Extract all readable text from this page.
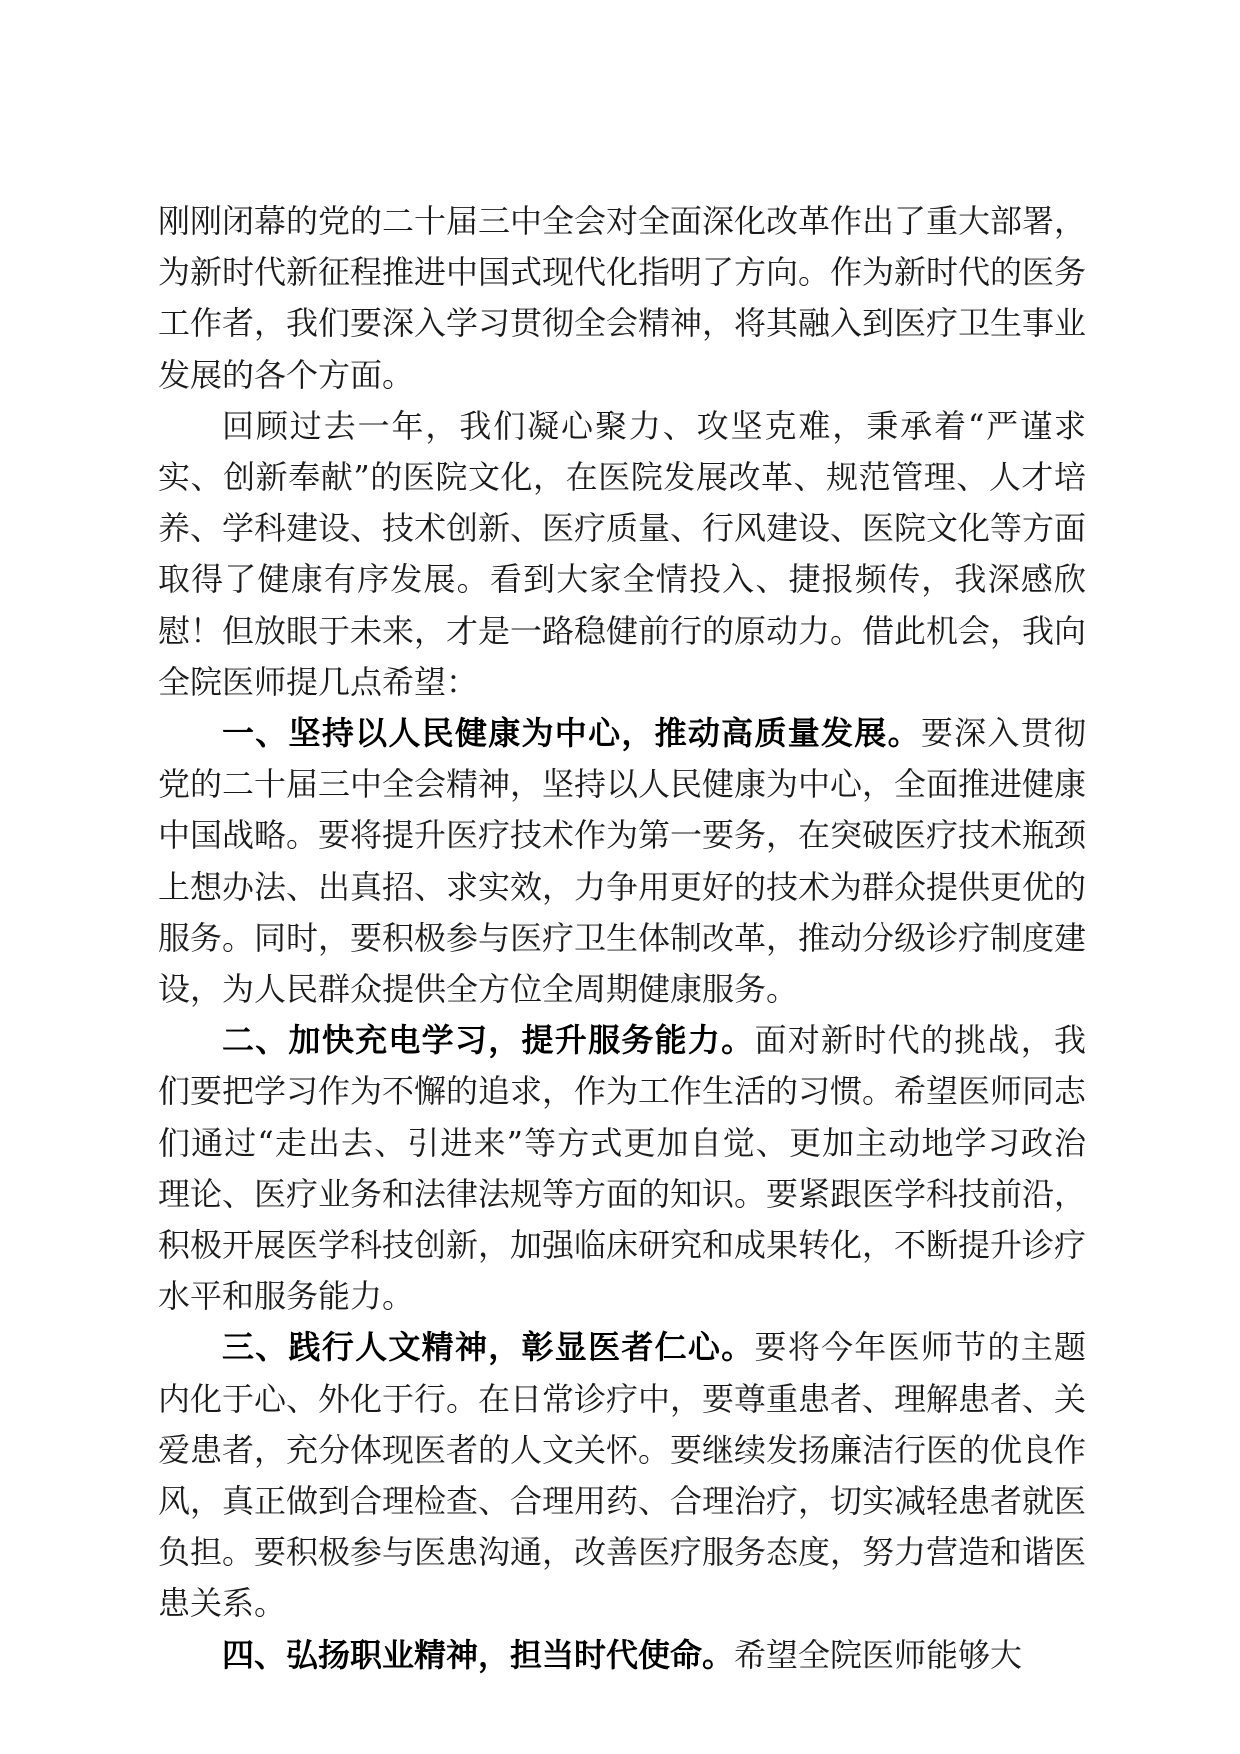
刚刚闭幕的党的二十届三中全会对全面深化改革作出了重大部署，为新时代新征程推进中国式现代化指明了方向。作为新时代的医务工作者，我们要深入学习贯彻全会精神，将其融入到医疗卫生事业发展的各个方面。

回顾过去一年，我们凝心聚力、攻坚克难，秉承着“严谨求实、创新奉献”的医院文化，在医院发展改革、规范管理、人才培养、学科建设、技术创新、医疗质量、行风建设、医院文化等方面取得了健康有序发展。看到大家全情投入、捷报频传，我深感欣慰！但放眼于未来，才是一路稳健前行的原动力。借此机会，我向全院医师提几点希望：

一、坚持以人民健康为中心，推动高质量发展。要深入贯彻党的二十届三中全会精神，坚持以人民健康为中心，全面推进健康中国战略。要将提升医疗技术作为第一要务，在突破医疗技术瓶颈上想办法、出真招、求实效，力争用更好的技术为群众提供更优的服务。同时，要积极参与医疗卫生体制改革，推动分级诊疗制度建设，为人民群众提供全方位全周期健康服务。

二、加快充电学习，提升服务能力。面对新时代的挑战，我们要把学习作为不懈的追求，作为工作生活的习惯。希望医师同志们通过“走出去、引进来”等方式更加自觉、更加主动地学习政治理论、医疗业务和法律法规等方面的知识。要紧跟医学科技前沿，积极开展医学科技创新，加强临床研究和成果转化，不断提升诊疗水平和服务能力。

三、践行人文精神，彰显医者仁心。要将今年医师节的主题内化于心、外化于行。在日常诊疗中，要尊重患者、理解患者、关爱患者，充分体现医者的人文关怀。要继续发扬廉洁行医的优良作风，真正做到合理检查、合理用药、合理治疗，切实减轻患者就医负担。要积极参与医患沟通，改善医疗服务态度，努力营造和谐医患关系。

四、弘扬职业精神，担当时代使命。希望全院医师能够大
